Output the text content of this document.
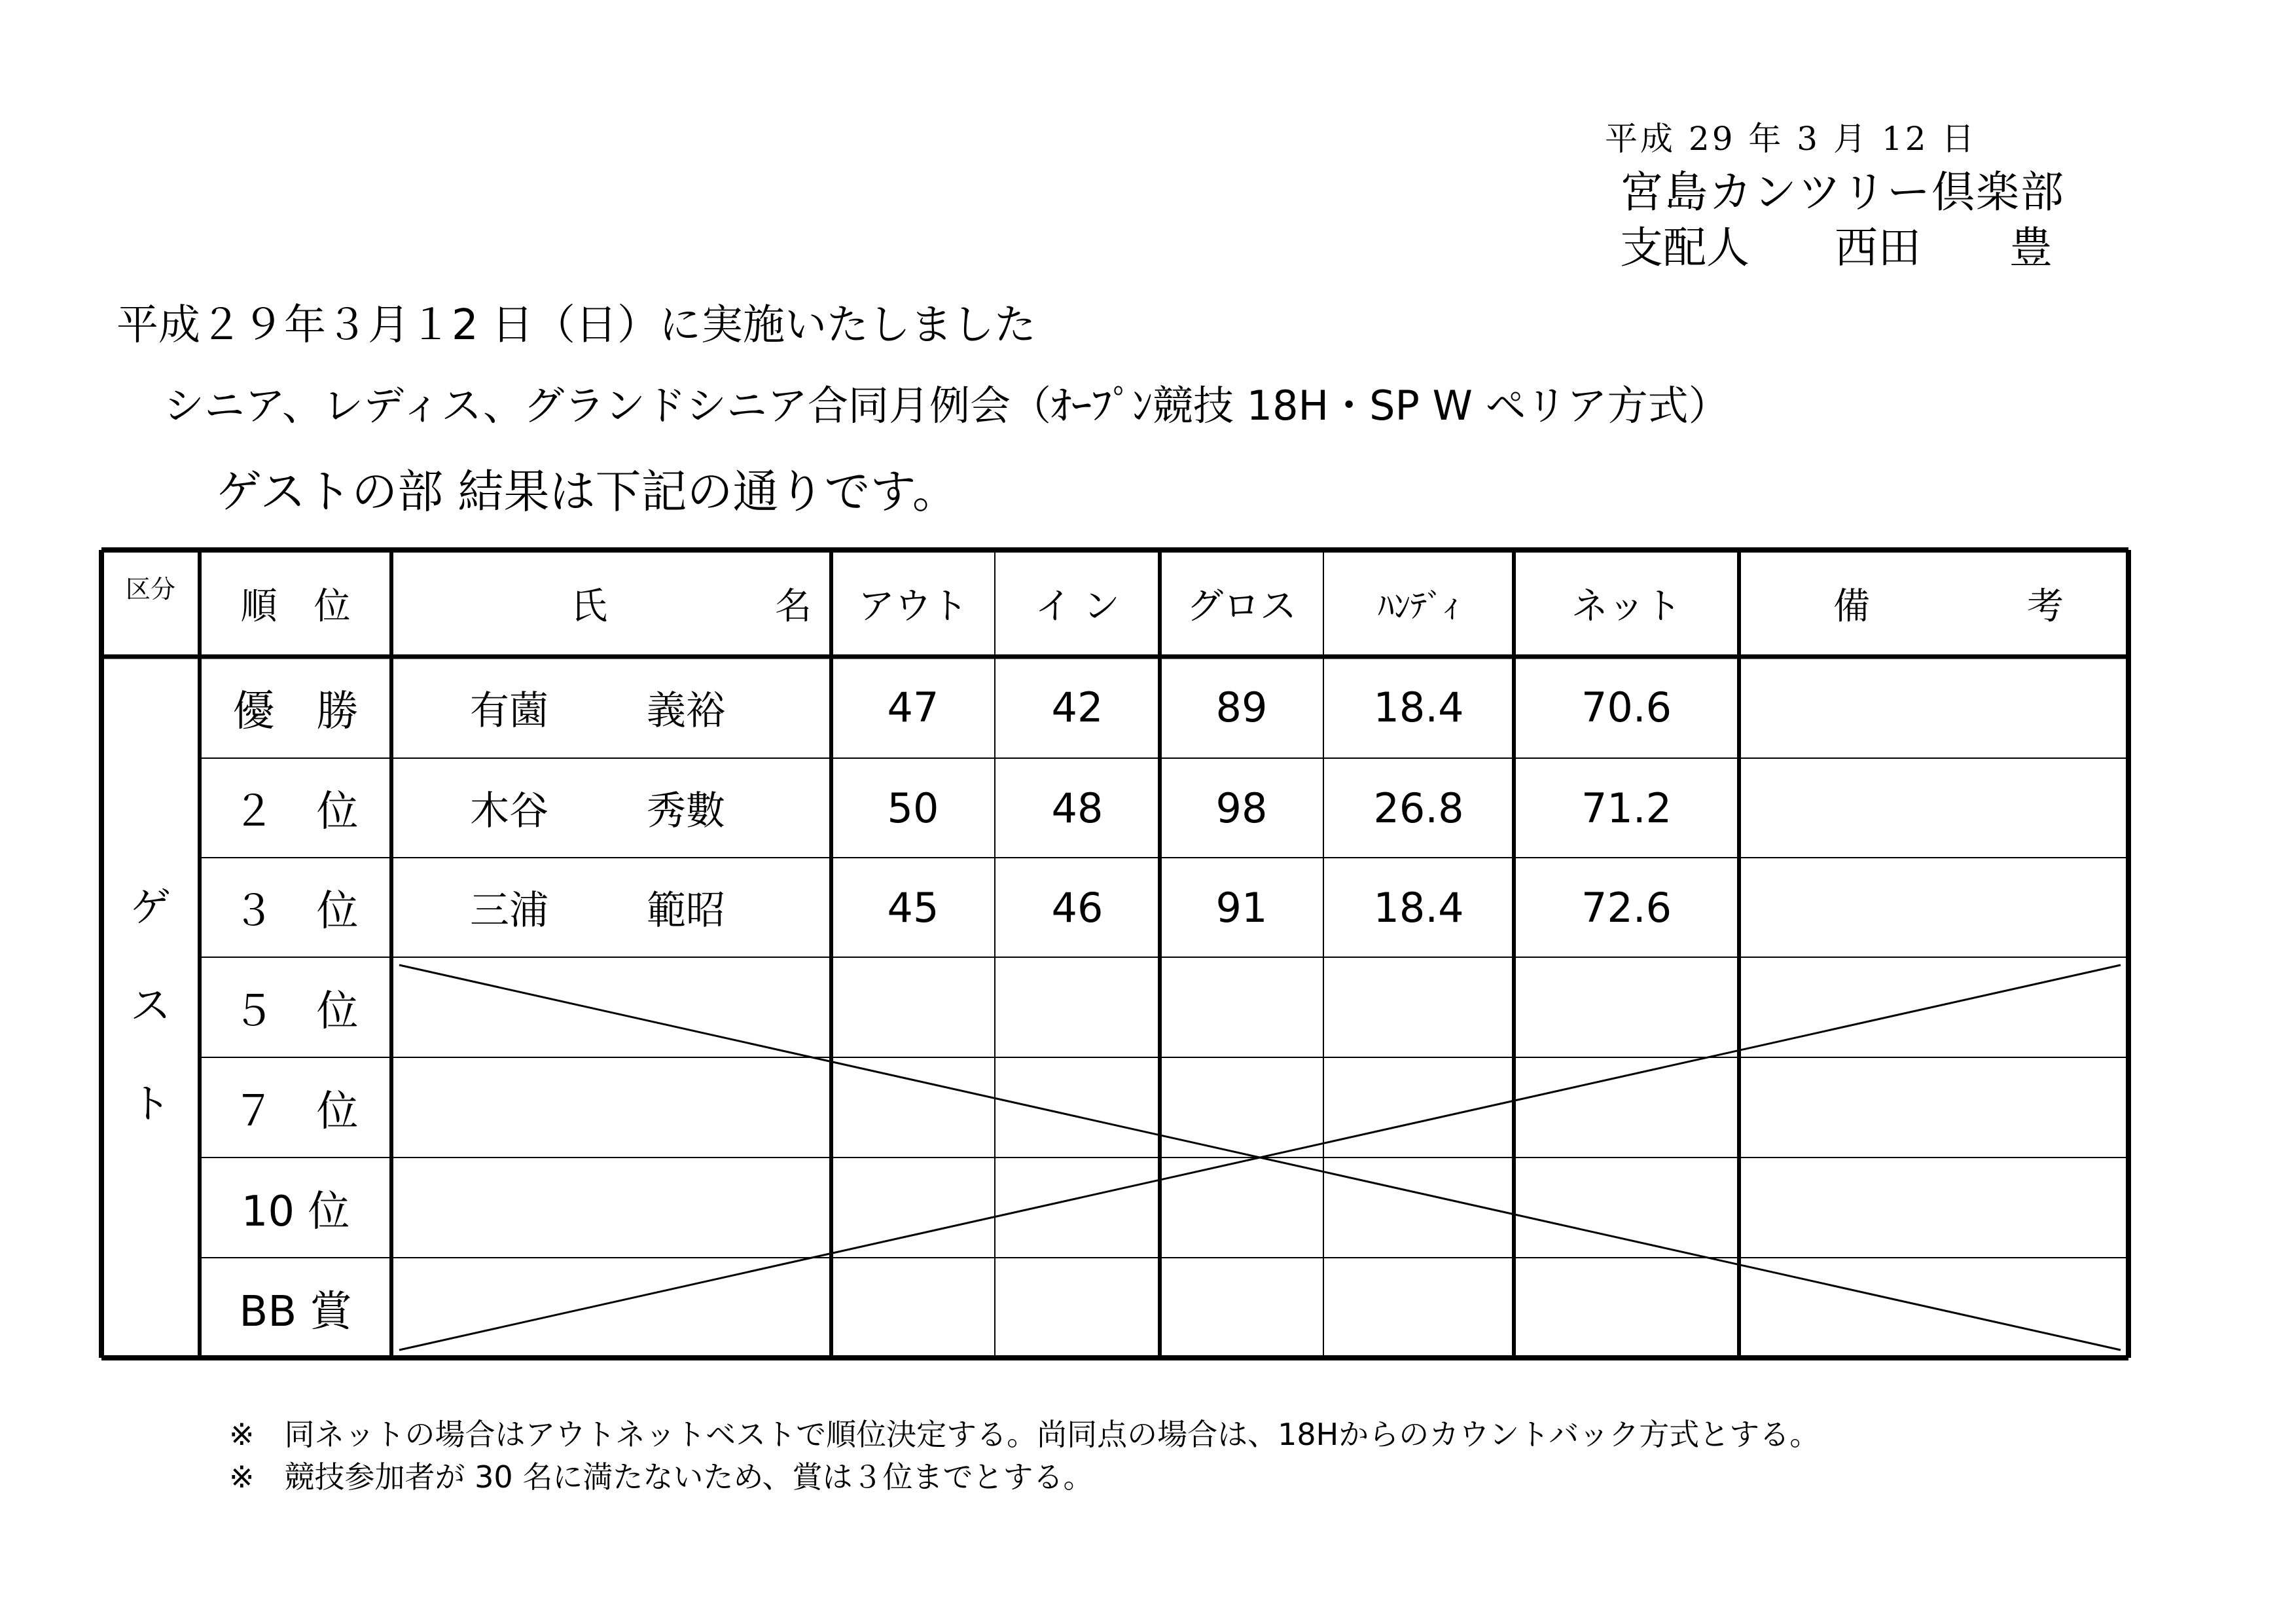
平成 29 年 3 月 12 日
宮島カンツリー倶楽部
支配人 西田 豊
平成２９年３月１2 日（日）に実施いたしました
シニア、レディス、グランドシニア合同月例会（ｵｰﾌﾟﾝ競技 18H・SP W ペリア方式）
ゲストの部 結果は下記の通りです。
区分	順　位	氏	名	アウト	イ ン	グロス	ﾊﾝﾃﾞｨ	ネット	備	考
ゲ
ス
ト
優　勝	有薗	義裕	47	42	89	18.4	70.6
２　位	木谷	秀數	50	48	98	26.8	71.2
３　位	三浦	範昭	45	46	91	18.4	72.6
５　位
７　位
10 位
BB 賞
※　同ネットの場合はアウトネットベストで順位決定する。尚同点の場合は、18Hからのカウントバック方式とする。
※　競技参加者が 30 名に満たないため、賞は３位までとする。
